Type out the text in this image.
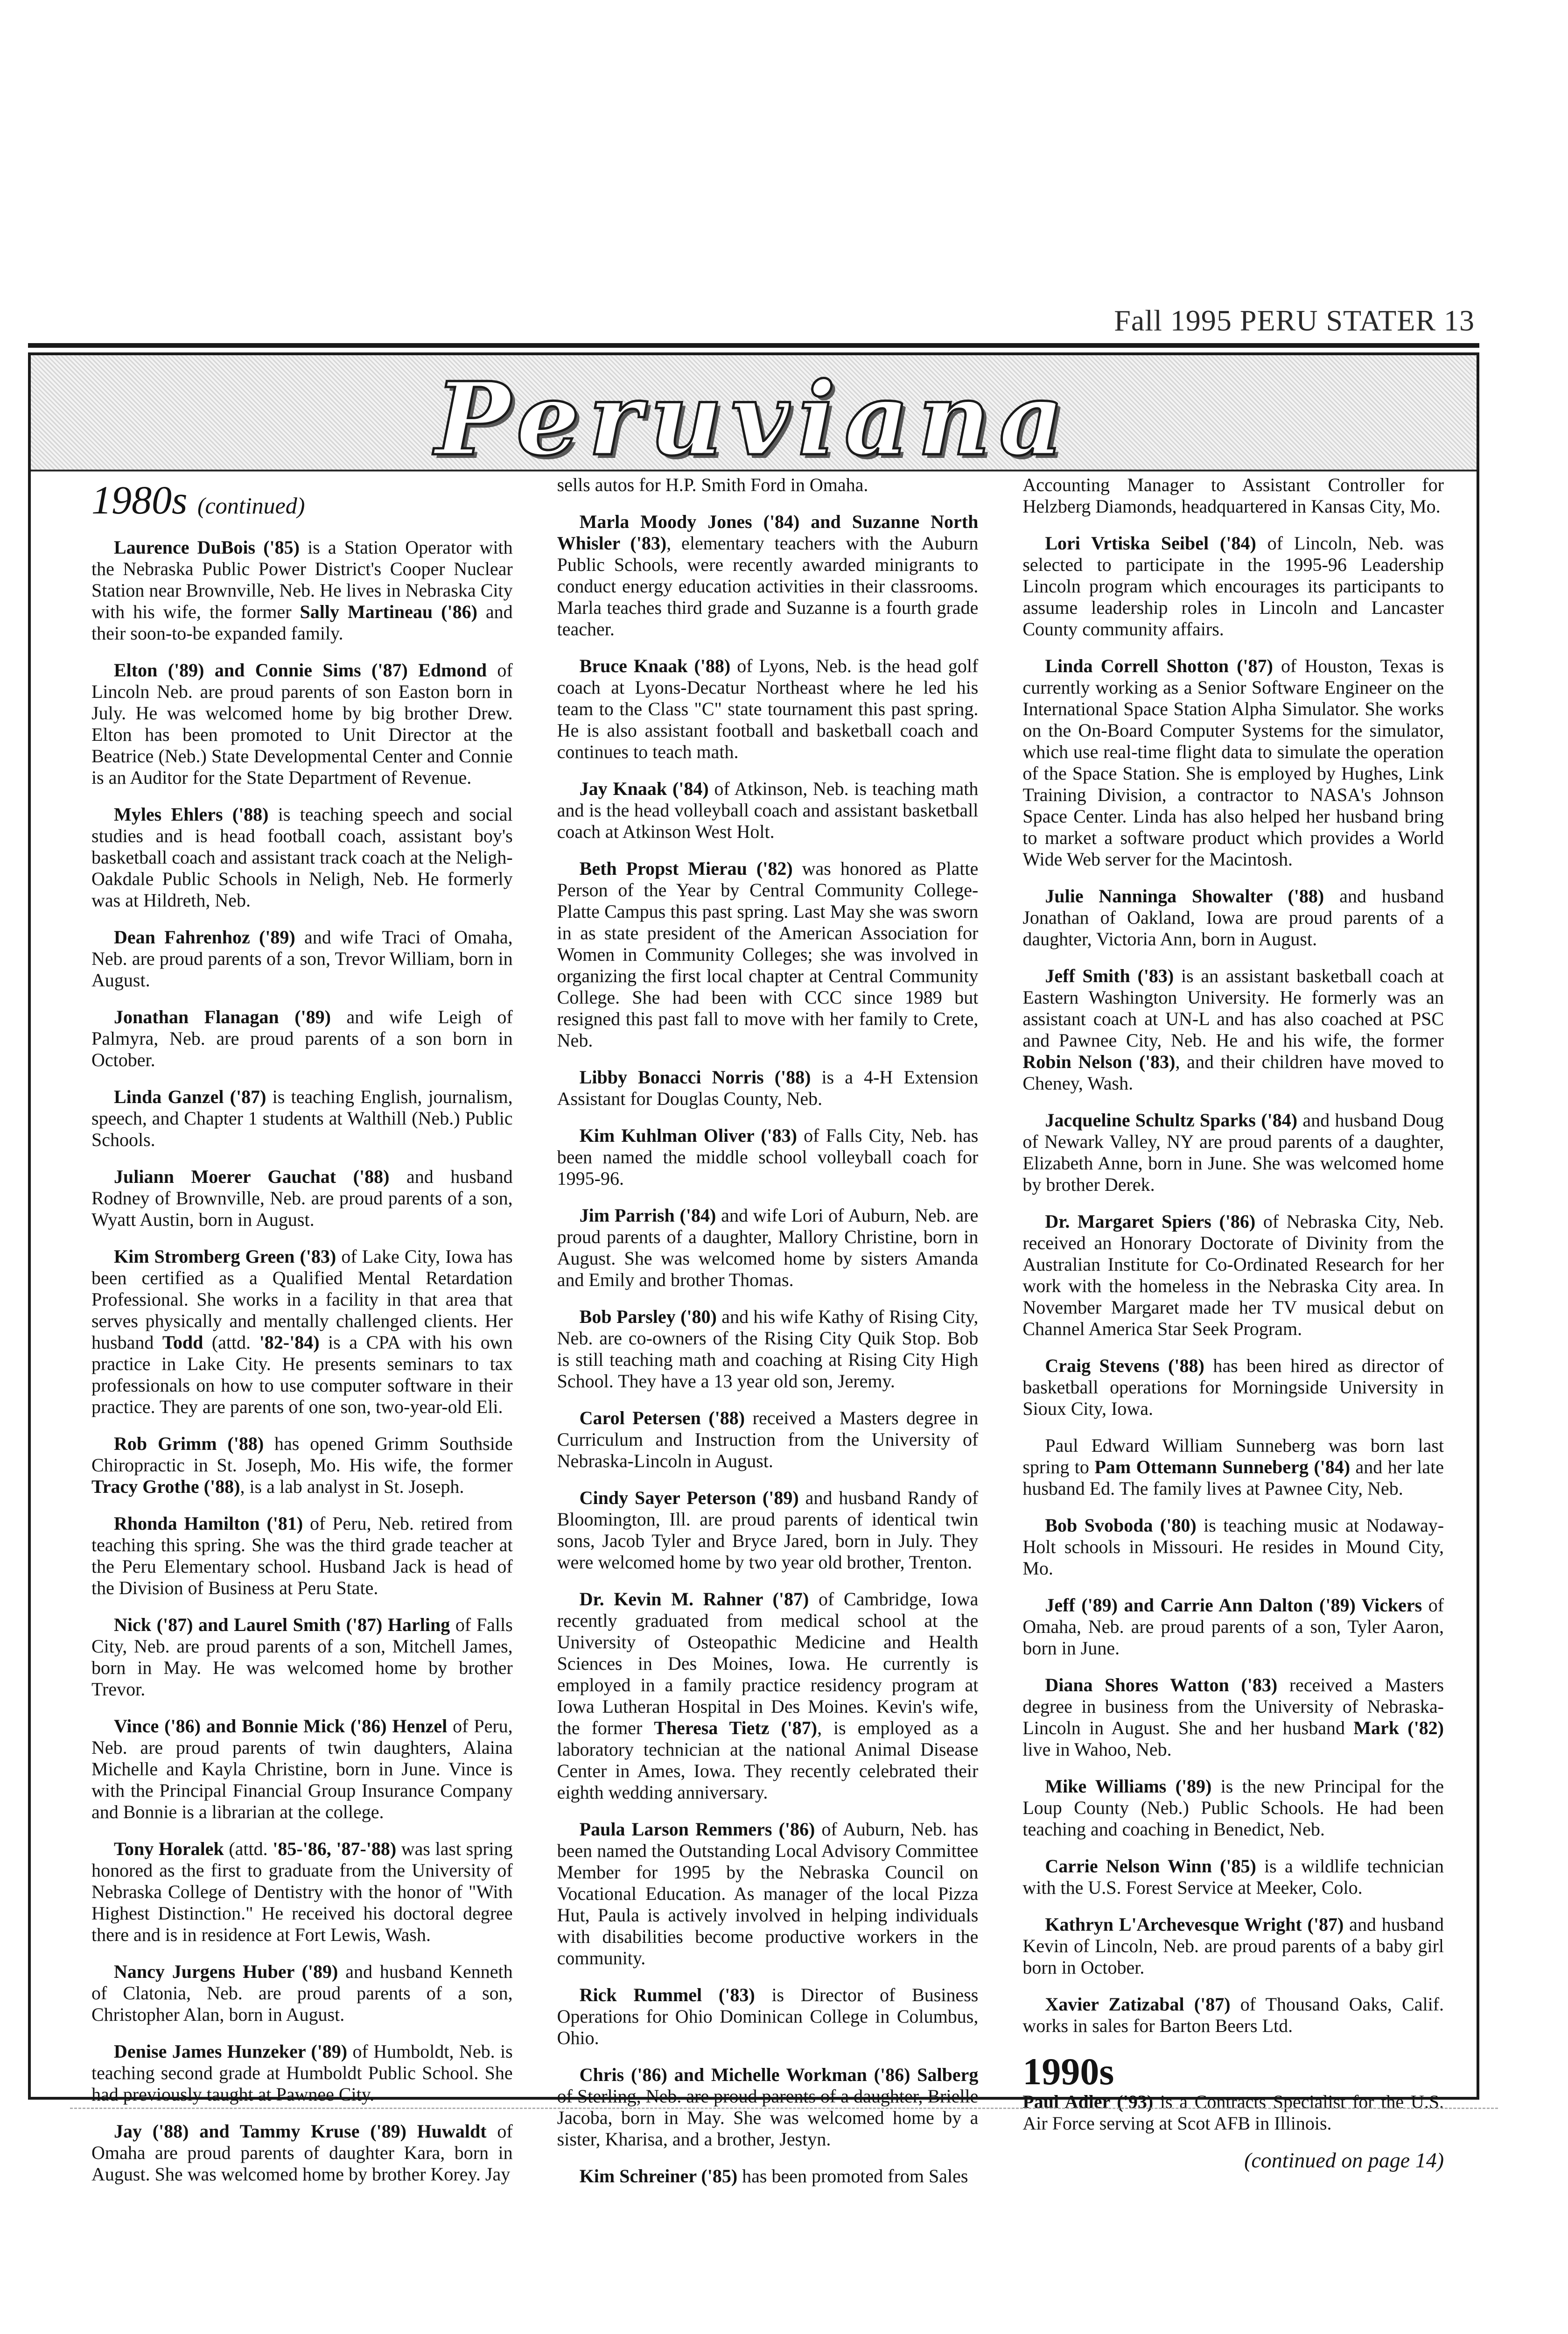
Fall 1995 PERU STATER 13
Peruviana
1980s (continued)

Laurence DuBois ('85) is a Station Operator with the Nebraska Public Power District's Cooper Nuclear Station near Brownville, Neb. He lives in Nebraska City with his wife, the former Sally Martineau ('86) and their soon-to-be expanded family.

Elton ('89) and Connie Sims ('87) Edmond of Lincoln Neb. are proud parents of son Easton born in July. He was welcomed home by big brother Drew. Elton has been promoted to Unit Director at the Beatrice (Neb.) State Developmental Center and Connie is an Auditor for the State Department of Revenue.

Myles Ehlers ('88) is teaching speech and social studies and is head football coach, assistant boy's basketball coach and assistant track coach at the Neligh-Oakdale Public Schools in Neligh, Neb. He formerly was at Hildreth, Neb.

Dean Fahrenhoz ('89) and wife Traci of Omaha, Neb. are proud parents of a son, Trevor William, born in August.

Jonathan Flanagan ('89) and wife Leigh of Palmyra, Neb. are proud parents of a son born in October.

Linda Ganzel ('87) is teaching English, journalism, speech, and Chapter 1 students at Walthill (Neb.) Public Schools.

Juliann Moerer Gauchat ('88) and husband Rodney of Brownville, Neb. are proud parents of a son, Wyatt Austin, born in August.

Kim Stromberg Green ('83) of Lake City, Iowa has been certified as a Qualified Mental Retardation Professional. She works in a facility in that area that serves physically and mentally challenged clients. Her husband Todd (attd. '82-'84) is a CPA with his own practice in Lake City. He presents seminars to tax professionals on how to use computer software in their practice. They are parents of one son, two-year-old Eli.

Rob Grimm ('88) has opened Grimm Southside Chiropractic in St. Joseph, Mo. His wife, the former Tracy Grothe ('88), is a lab analyst in St. Joseph.

Rhonda Hamilton ('81) of Peru, Neb. retired from teaching this spring. She was the third grade teacher at the Peru Elementary school. Husband Jack is head of the Division of Business at Peru State.

Nick ('87) and Laurel Smith ('87) Harling of Falls City, Neb. are proud parents of a son, Mitchell James, born in May. He was welcomed home by brother Trevor.

Vince ('86) and Bonnie Mick ('86) Henzel of Peru, Neb. are proud parents of twin daughters, Alaina Michelle and Kayla Christine, born in June. Vince is with the Principal Financial Group Insurance Company and Bonnie is a librarian at the college.

Tony Horalek (attd. '85-'86, '87-'88) was last spring honored as the first to graduate from the University of Nebraska College of Dentistry with the honor of "With Highest Distinction." He received his doctoral degree there and is in residence at Fort Lewis, Wash.

Nancy Jurgens Huber ('89) and husband Kenneth of Clatonia, Neb. are proud parents of a son, Christopher Alan, born in August.

Denise James Hunzeker ('89) of Humboldt, Neb. is teaching second grade at Humboldt Public School. She had previously taught at Pawnee City.

Jay ('88) and Tammy Kruse ('89) Huwaldt of Omaha are proud parents of daughter Kara, born in August. She was welcomed home by brother Korey. Jay

sells autos for H.P. Smith Ford in Omaha.

Marla Moody Jones ('84) and Suzanne North Whisler ('83), elementary teachers with the Auburn Public Schools, were recently awarded minigrants to conduct energy education activities in their classrooms. Marla teaches third grade and Suzanne is a fourth grade teacher.

Bruce Knaak ('88) of Lyons, Neb. is the head golf coach at Lyons-Decatur Northeast where he led his team to the Class "C" state tournament this past spring. He is also assistant football and basketball coach and continues to teach math.

Jay Knaak ('84) of Atkinson, Neb. is teaching math and is the head volleyball coach and assistant basketball coach at Atkinson West Holt.

Beth Propst Mierau ('82) was honored as Platte Person of the Year by Central Community College-Platte Campus this past spring. Last May she was sworn in as state president of the American Association for Women in Community Colleges; she was involved in organizing the first local chapter at Central Community College. She had been with CCC since 1989 but resigned this past fall to move with her family to Crete, Neb.

Libby Bonacci Norris ('88) is a 4-H Extension Assistant for Douglas County, Neb.

Kim Kuhlman Oliver ('83) of Falls City, Neb. has been named the middle school volleyball coach for 1995-96.

Jim Parrish ('84) and wife Lori of Auburn, Neb. are proud parents of a daughter, Mallory Christine, born in August. She was welcomed home by sisters Amanda and Emily and brother Thomas.

Bob Parsley ('80) and his wife Kathy of Rising City, Neb. are co-owners of the Rising City Quik Stop. Bob is still teaching math and coaching at Rising City High School. They have a 13 year old son, Jeremy.

Carol Petersen ('88) received a Masters degree in Curriculum and Instruction from the University of Nebraska-Lincoln in August.

Cindy Sayer Peterson ('89) and husband Randy of Bloomington, Ill. are proud parents of identical twin sons, Jacob Tyler and Bryce Jared, born in July. They were welcomed home by two year old brother, Trenton.

Dr. Kevin M. Rahner ('87) of Cambridge, Iowa recently graduated from medical school at the University of Osteopathic Medicine and Health Sciences in Des Moines, Iowa. He currently is employed in a family practice residency program at Iowa Lutheran Hospital in Des Moines. Kevin's wife, the former Theresa Tietz ('87), is employed as a laboratory technician at the national Animal Disease Center in Ames, Iowa. They recently celebrated their eighth wedding anniversary.

Paula Larson Remmers ('86) of Auburn, Neb. has been named the Outstanding Local Advisory Committee Member for 1995 by the Nebraska Council on Vocational Education. As manager of the local Pizza Hut, Paula is actively involved in helping individuals with disabilities become productive workers in the community.

Rick Rummel ('83) is Director of Business Operations for Ohio Dominican College in Columbus, Ohio.

Chris ('86) and Michelle Workman ('86) Salberg of Sterling, Neb. are proud parents of a daughter, Brielle Jacoba, born in May. She was welcomed home by a sister, Kharisa, and a brother, Jestyn.

Kim Schreiner ('85) has been promoted from Sales

Accounting Manager to Assistant Controller for Helzberg Diamonds, headquartered in Kansas City, Mo.

Lori Vrtiska Seibel ('84) of Lincoln, Neb. was selected to participate in the 1995-96 Leadership Lincoln program which encourages its participants to assume leadership roles in Lincoln and Lancaster County community affairs.

Linda Correll Shotton ('87) of Houston, Texas is currently working as a Senior Software Engineer on the International Space Station Alpha Simulator. She works on the On-Board Computer Systems for the simulator, which use real-time flight data to simulate the operation of the Space Station. She is employed by Hughes, Link Training Division, a contractor to NASA's Johnson Space Center. Linda has also helped her husband bring to market a software product which provides a World Wide Web server for the Macintosh.

Julie Nanninga Showalter ('88) and husband Jonathan of Oakland, Iowa are proud parents of a daughter, Victoria Ann, born in August.

Jeff Smith ('83) is an assistant basketball coach at Eastern Washington University. He formerly was an assistant coach at UN-L and has also coached at PSC and Pawnee City, Neb. He and his wife, the former Robin Nelson ('83), and their children have moved to Cheney, Wash.

Jacqueline Schultz Sparks ('84) and husband Doug of Newark Valley, NY are proud parents of a daughter, Elizabeth Anne, born in June. She was welcomed home by brother Derek.

Dr. Margaret Spiers ('86) of Nebraska City, Neb. received an Honorary Doctorate of Divinity from the Australian Institute for Co-Ordinated Research for her work with the homeless in the Nebraska City area. In November Margaret made her TV musical debut on Channel America Star Seek Program.

Craig Stevens ('88) has been hired as director of basketball operations for Morningside University in Sioux City, Iowa.

Paul Edward William Sunneberg was born last spring to Pam Ottemann Sunneberg ('84) and her late husband Ed. The family lives at Pawnee City, Neb.

Bob Svoboda ('80) is teaching music at Nodaway-Holt schools in Missouri. He resides in Mound City, Mo.

Jeff ('89) and Carrie Ann Dalton ('89) Vickers of Omaha, Neb. are proud parents of a son, Tyler Aaron, born in June.

Diana Shores Watton ('83) received a Masters degree in business from the University of Nebraska-Lincoln in August. She and her husband Mark ('82) live in Wahoo, Neb.

Mike Williams ('89) is the new Principal for the Loup County (Neb.) Public Schools. He had been teaching and coaching in Benedict, Neb.

Carrie Nelson Winn ('85) is a wildlife technician with the U.S. Forest Service at Meeker, Colo.

Kathryn L'Archevesque Wright ('87) and husband Kevin of Lincoln, Neb. are proud parents of a baby girl born in October.

Xavier Zatizabal ('87) of Thousand Oaks, Calif. works in sales for Barton Beers Ltd.

1990s

Paul Adler ('93) is a Contracts Specialist for the U.S. Air Force serving at Scot AFB in Illinois.

(continued on page 14)
